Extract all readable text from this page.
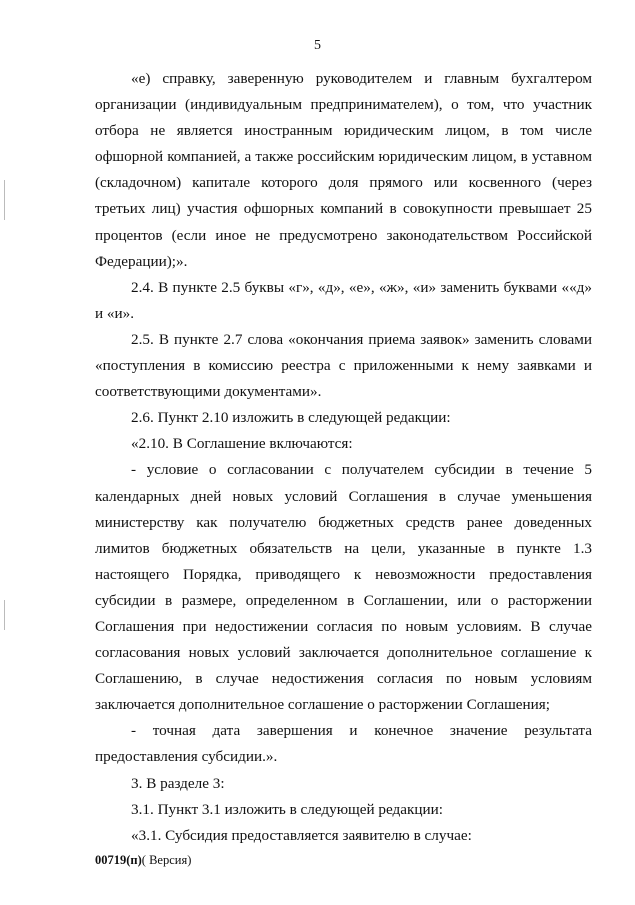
5

«е) справку, заверенную руководителем и главным бухгалтером организации (индивидуальным предпринимателем), о том, что участник отбора не является иностранным юридическим лицом, в том числе офшорной компанией, а также российским юридическим лицом, в уставном (складочном) капитале которого доля прямого или косвенного (через третьих лиц) участия офшорных компаний в совокупности превышает 25 процентов (если иное не предусмотрено законодательством Российской Федерации);».

2.4. В пункте 2.5 буквы «г», «д», «е», «ж», «и» заменить буквами ««д» и «и».

2.5. В пункте 2.7 слова «окончания приема заявок» заменить словами «поступления в комиссию реестра с приложенными к нему заявками и соответствующими документами».

2.6. Пункт 2.10 изложить в следующей редакции:

«2.10. В Соглашение включаются:

- условие о согласовании с получателем субсидии в течение 5 календарных дней новых условий Соглашения в случае уменьшения министерству как получателю бюджетных средств ранее доведенных лимитов бюджетных обязательств на цели, указанные в пункте 1.3 настоящего Порядка, приводящего к невозможности предоставления субсидии в размере, определенном в Соглашении, или о расторжении Соглашения при недостижении согласия по новым условиям. В случае согласования новых условий заключается дополнительное соглашение к Соглашению, в случае недостижения согласия по новым условиям заключается дополнительное соглашение о расторжении Соглашения;

- точная дата завершения и конечное значение результата предоставления субсидии.».

3. В разделе 3:

3.1. Пункт 3.1 изложить в следующей редакции:

«3.1. Субсидия предоставляется заявителю в случае:

00719(п)( Версия)
